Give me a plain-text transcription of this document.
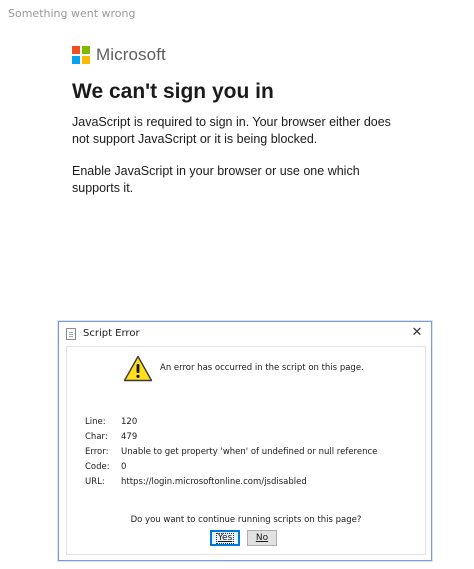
Something went wrong
Microsoft
We can't sign you in

JavaScript is required to sign in. Your browser either does not support JavaScript or it is being blocked.

Enable JavaScript in your browser or use one which supports it.

Script Error	✕
An error has occurred in the script on this page.
Line:	120
Char:	479
Error:	Unable to get property 'when' of undefined or null reference
Code:	0
URL:	https://login.microsoftonline.com/jsdisabled
Do you want to continue running scripts on this page?
Yes	No
